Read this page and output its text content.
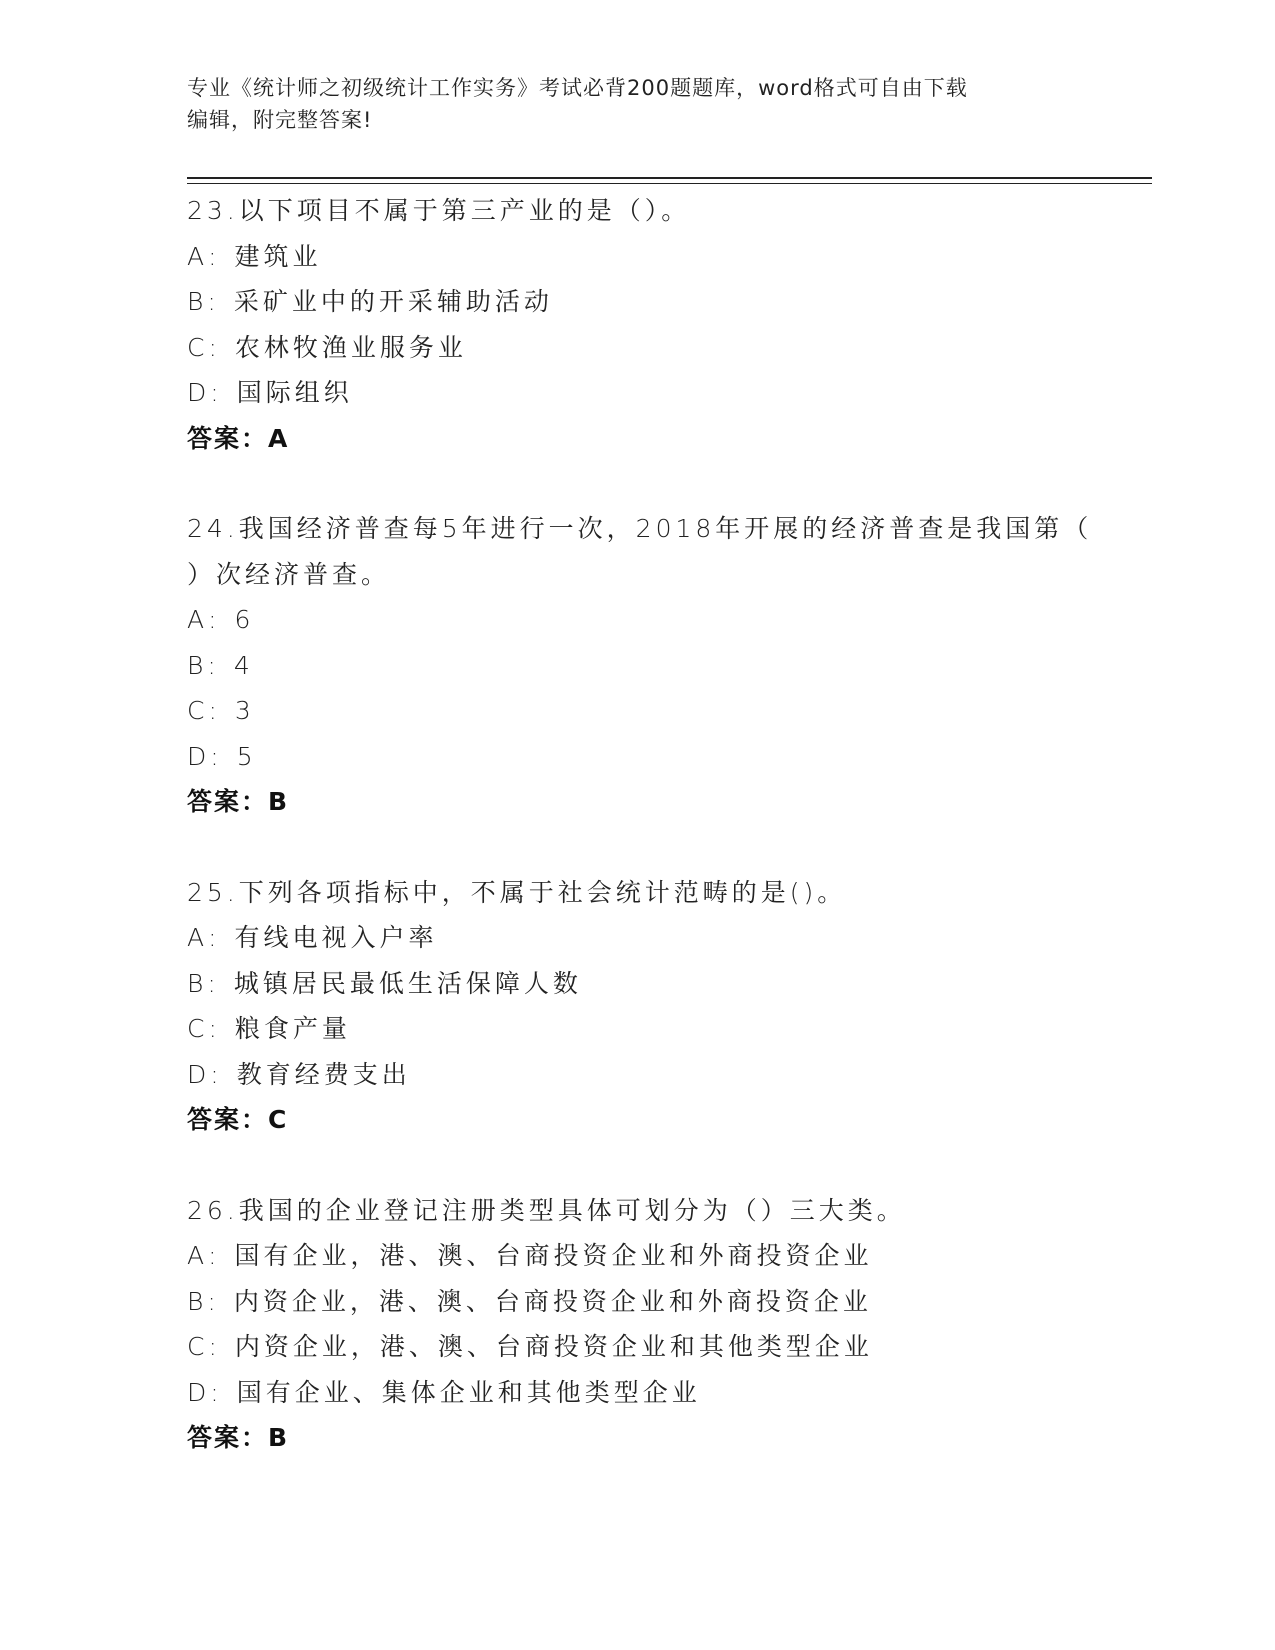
专业《统计师之初级统计工作实务》考试必背200题题库，word格式可自由下载
编辑，附完整答案!
23.以下项目不属于第三产业的是（）。
A: 建筑业
B: 采矿业中的开采辅助活动
C: 农林牧渔业服务业
D: 国际组织
答案：A
24.我国经济普查每5年进行一次，2018年开展的经济普查是我国第（
）次经济普查。
A: 6
B: 4
C: 3
D: 5
答案：B
25.下列各项指标中，不属于社会统计范畴的是()。
A: 有线电视入户率
B: 城镇居民最低生活保障人数
C: 粮食产量
D: 教育经费支出
答案：C
26.我国的企业登记注册类型具体可划分为（）三大类。
A: 国有企业，港、澳、台商投资企业和外商投资企业
B: 内资企业，港、澳、台商投资企业和外商投资企业
C: 内资企业，港、澳、台商投资企业和其他类型企业
D: 国有企业、集体企业和其他类型企业
答案：B
